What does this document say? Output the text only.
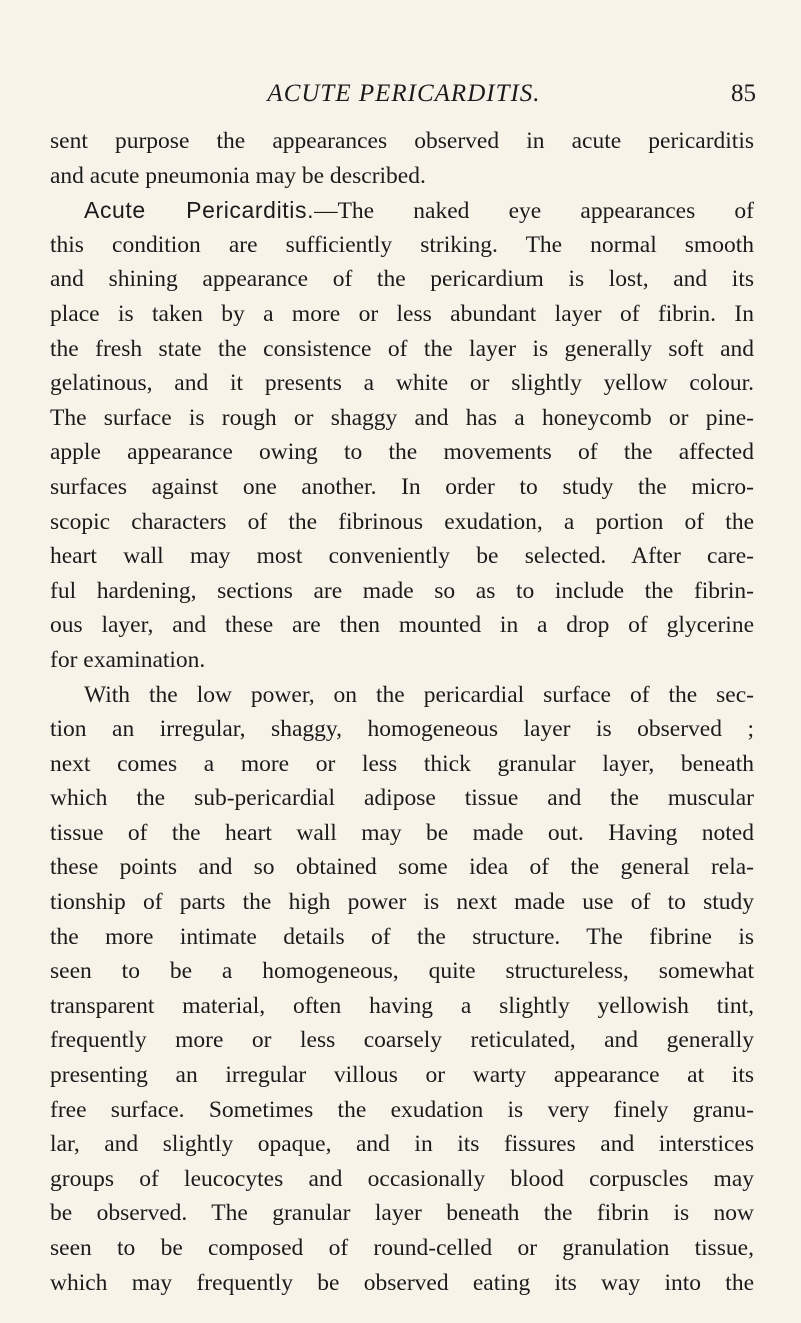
ACUTE PERICARDITIS.	85
sent purpose the appearances observed in acute pericarditis
and acute pneumonia may be described.
Acute Pericarditis.—The naked eye appearances of
this condition are sufficiently striking. The normal smooth
and shining appearance of the pericardium is lost, and its
place is taken by a more or less abundant layer of fibrin. In
the fresh state the consistence of the layer is generally soft and
gelatinous, and it presents a white or slightly yellow colour.
The surface is rough or shaggy and has a honeycomb or pine-
apple appearance owing to the movements of the affected
surfaces against one another. In order to study the micro-
scopic characters of the fibrinous exudation, a portion of the
heart wall may most conveniently be selected. After care-
ful hardening, sections are made so as to include the fibrin-
ous layer, and these are then mounted in a drop of glycerine
for examination.
With the low power, on the pericardial surface of the sec-
tion an irregular, shaggy, homogeneous layer is observed ;
next comes a more or less thick granular layer, beneath
which the sub-pericardial adipose tissue and the muscular
tissue of the heart wall may be made out. Having noted
these points and so obtained some idea of the general rela-
tionship of parts the high power is next made use of to study
the more intimate details of the structure. The fibrine is
seen to be a homogeneous, quite structureless, somewhat
transparent material, often having a slightly yellowish tint,
frequently more or less coarsely reticulated, and generally
presenting an irregular villous or warty appearance at its
free surface. Sometimes the exudation is very finely granu-
lar, and slightly opaque, and in its fissures and interstices
groups of leucocytes and occasionally blood corpuscles may
be observed. The granular layer beneath the fibrin is now
seen to be composed of round-celled or granulation tissue,
which may frequently be observed eating its way into the
